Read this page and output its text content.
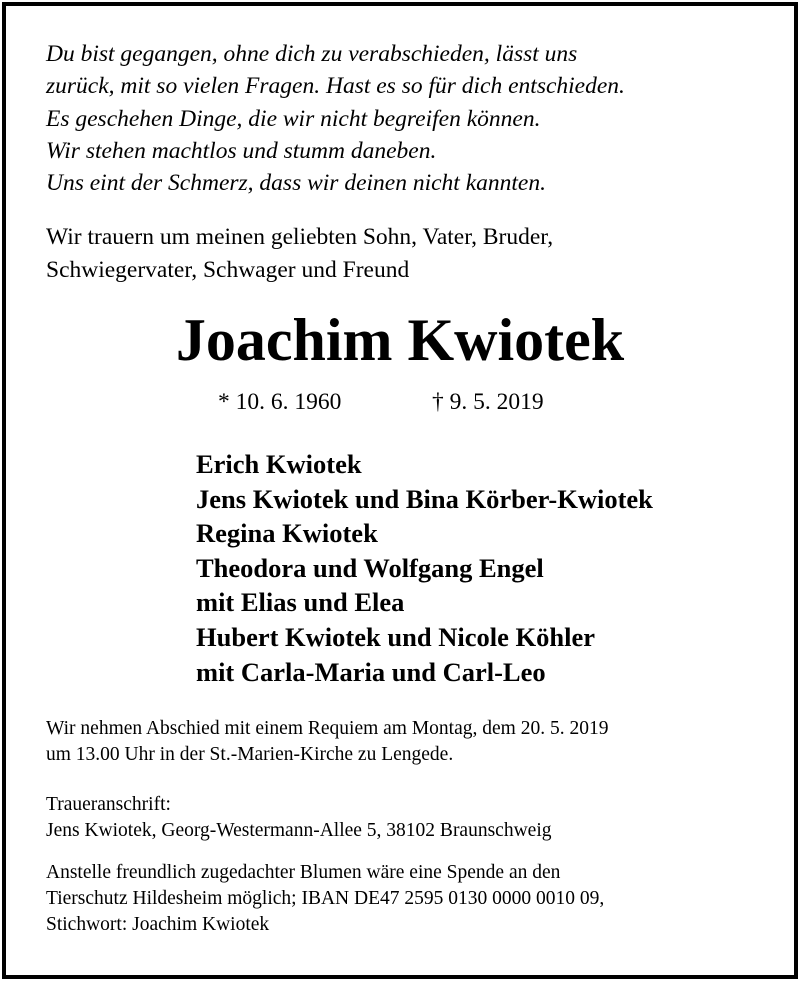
Du bist gegangen, ohne dich zu verabschieden, lässt uns
zurück, mit so vielen Fragen. Hast es so für dich entschieden.
Es geschehen Dinge, die wir nicht begreifen können.
Wir stehen machtlos und stumm daneben.
Uns eint der Schmerz, dass wir deinen nicht kannten.
Wir trauern um meinen geliebten Sohn, Vater, Bruder,
Schwiegervater, Schwager und Freund
Joachim Kwiotek
* 10. 6. 1960	† 9. 5. 2019
Erich Kwiotek
Jens Kwiotek und Bina Körber-Kwiotek
Regina Kwiotek
Theodora und Wolfgang Engel
mit Elias und Elea
Hubert Kwiotek und Nicole Köhler
mit Carla-Maria und Carl-Leo
Wir nehmen Abschied mit einem Requiem am Montag, dem 20. 5. 2019
um 13.00 Uhr in der St.-Marien-Kirche zu Lengede.
Traueranschrift:
Jens Kwiotek, Georg-Westermann-Allee 5, 38102 Braunschweig
Anstelle freundlich zugedachter Blumen wäre eine Spende an den
Tierschutz Hildesheim möglich; IBAN DE47 2595 0130 0000 0010 09,
Stichwort: Joachim Kwiotek
